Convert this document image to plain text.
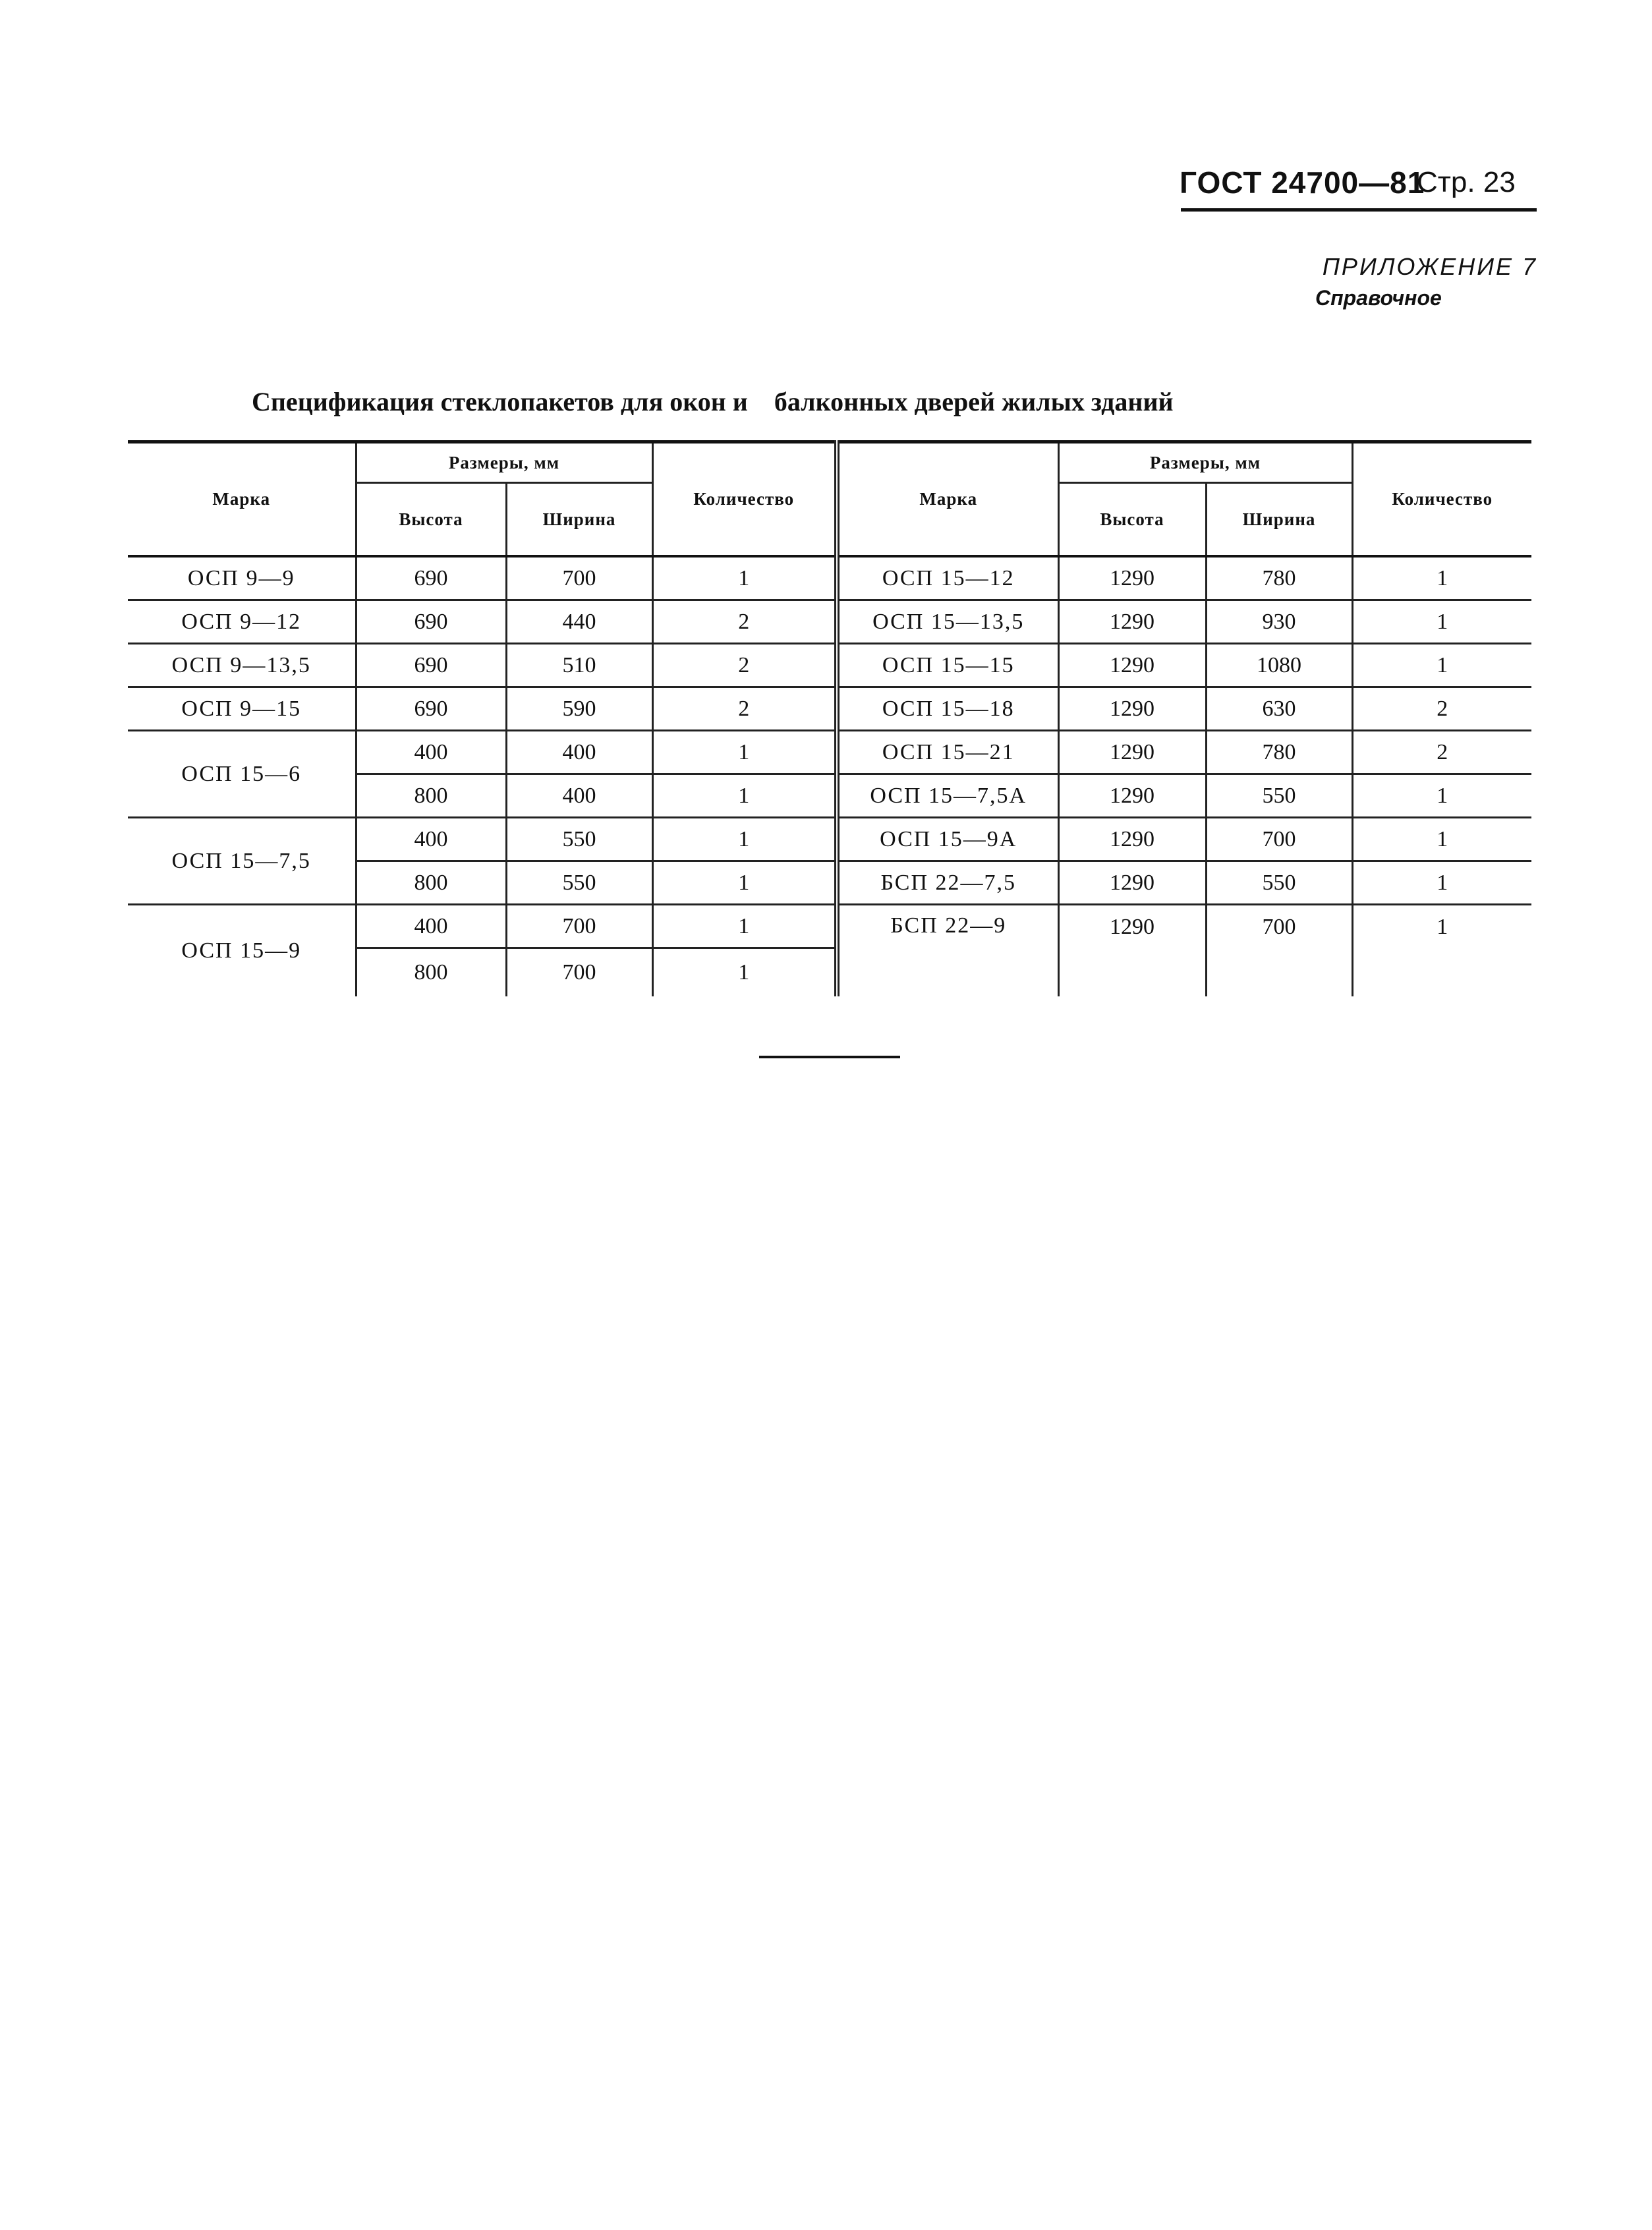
ГОСТ 24700—81
Стр. 23
ПРИЛОЖЕНИЕ 7
Справочное
Спецификация стеклопакетов для окон и    балконных дверей жилых зданий
Марка	Размеры, мм		Количество	Марка	Размеры, мм		Количество
	Высота	Ширина			Высота	Ширина	
ОСП 9—9	690	700	1	ОСП 15—12	1290	780	1
ОСП 9—12	690	440	2	ОСП 15—13,5	1290	930	1
ОСП 9—13,5	690	510	2	ОСП 15—15	1290	1080	1
ОСП 9—15	690	590	2	ОСП 15—18	1290	630	2
ОСП 15—6	400	400	1	ОСП 15—21	1290	780	2
	800	400	1	ОСП 15—7,5А	1290	550	1
ОСП 15—7,5	400	550	1	ОСП 15—9А	1290	700	1
	800	550	1	БСП 22—7,5	1290	550	1
ОСП 15—9	400	700	1	БСП 22—9	1290	700	1
	800	700	1				
